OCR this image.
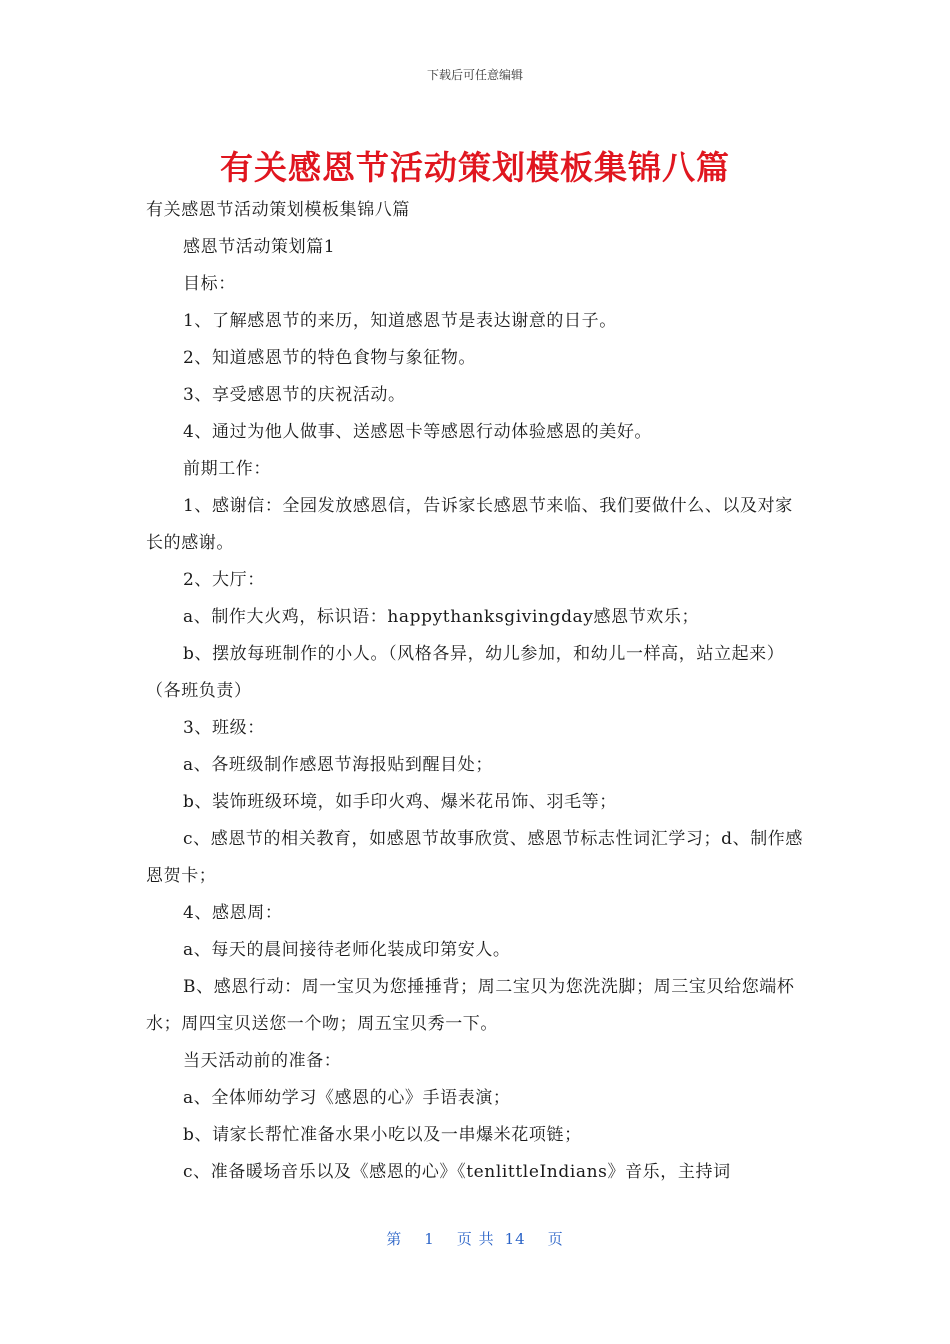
下载后可任意编辑
有关感恩节活动策划模板集锦八篇

有关感恩节活动策划模板集锦八篇

感恩节活动策划篇1

目标：

1、了解感恩节的来历，知道感恩节是表达谢意的日子。

2、知道感恩节的特色食物与象征物。

3、享受感恩节的庆祝活动。

4、通过为他人做事、送感恩卡等感恩行动体验感恩的美好。

前期工作：

1、感谢信：全园发放感恩信，告诉家长感恩节来临、我们要做什么、以及对家长的感谢。

2、大厅：

a、制作大火鸡，标识语：happythanksgivingday感恩节欢乐；

b、摆放每班制作的小人。（风格各异，幼儿参加，和幼儿一样高，站立起来）（各班负责）

3、班级：

a、各班级制作感恩节海报贴到醒目处；

b、装饰班级环境，如手印火鸡、爆米花吊饰、羽毛等；

c、感恩节的相关教育，如感恩节故事欣赏、感恩节标志性词汇学习；d、制作感恩贺卡；

4、感恩周：

a、每天的晨间接待老师化装成印第安人。

B、感恩行动：周一宝贝为您捶捶背；周二宝贝为您洗洗脚；周三宝贝给您端杯水；周四宝贝送您一个吻；周五宝贝秀一下。

当天活动前的准备：

a、全体师幼学习《感恩的心》手语表演；

b、请家长帮忙准备水果小吃以及一串爆米花项链；

c、准备暖场音乐以及《感恩的心》《tenlittleIndians》音乐，主持词

第 1 页 共 14 页
